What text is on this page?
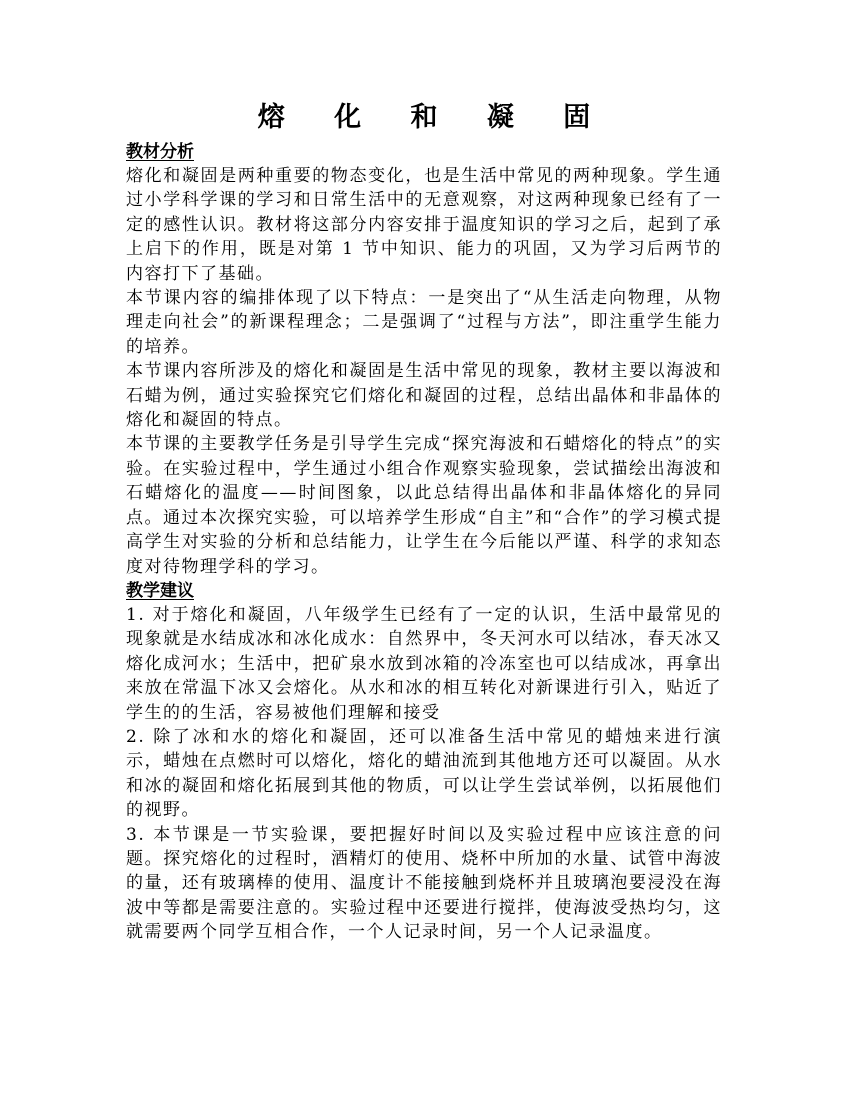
熔 化 和 凝 固

教材分析

熔化和凝固是两种重要的物态变化，也是生活中常见的两种现象。学生通过小学科学课的学习和日常生活中的无意观察，对这两种现象已经有了一定的感性认识。教材将这部分内容安排于温度知识的学习之后，起到了承上启下的作用，既是对第 1 节中知识、能力的巩固，又为学习后两节的内容打下了基础。

本节课内容的编排体现了以下特点：一是突出了“从生活走向物理，从物理走向社会”的新课程理念；二是强调了“过程与方法”，即注重学生能力的培养。

本节课内容所涉及的熔化和凝固是生活中常见的现象，教材主要以海波和石蜡为例，通过实验探究它们熔化和凝固的过程，总结出晶体和非晶体的熔化和凝固的特点。

本节课的主要教学任务是引导学生完成“探究海波和石蜡熔化的特点”的实验。在实验过程中，学生通过小组合作观察实验现象，尝试描绘出海波和石蜡熔化的温度——时间图象，以此总结得出晶体和非晶体熔化的异同点。通过本次探究实验，可以培养学生形成“自主”和“合作”的学习模式提高学生对实验的分析和总结能力，让学生在今后能以严谨、科学的求知态度对待物理学科的学习。

教学建议

1. 对于熔化和凝固，八年级学生已经有了一定的认识，生活中最常见的现象就是水结成冰和冰化成水：自然界中，冬天河水可以结冰，春天冰又熔化成河水；生活中，把矿泉水放到冰箱的冷冻室也可以结成冰，再拿出来放在常温下冰又会熔化。从水和冰的相互转化对新课进行引入，贴近了学生的的生活，容易被他们理解和接受

2. 除了冰和水的熔化和凝固，还可以准备生活中常见的蜡烛来进行演示，蜡烛在点燃时可以熔化，熔化的蜡油流到其他地方还可以凝固。从水和冰的凝固和熔化拓展到其他的物质，可以让学生尝试举例，以拓展他们的视野。

3. 本节课是一节实验课，要把握好时间以及实验过程中应该注意的问题。探究熔化的过程时，酒精灯的使用、烧杯中所加的水量、试管中海波的量，还有玻璃棒的使用、温度计不能接触到烧杯并且玻璃泡要浸没在海波中等都是需要注意的。实验过程中还要进行搅拌，使海波受热均匀，这就需要两个同学互相合作，一个人记录时间，另一个人记录温度。
